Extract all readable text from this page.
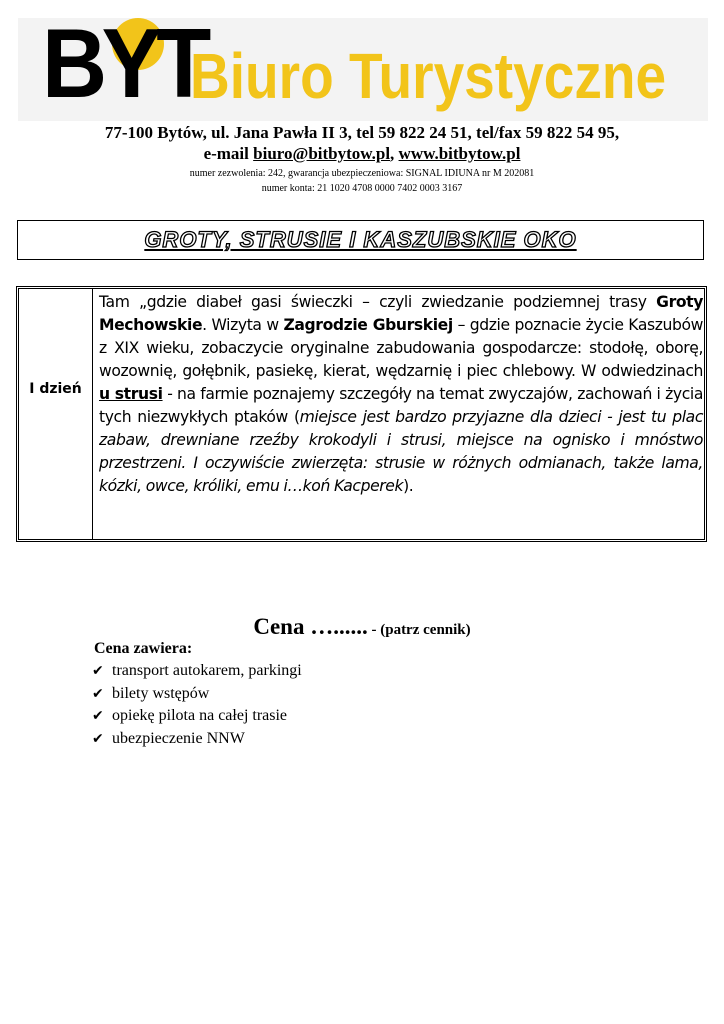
BYT
Biuro Turystyczne
77-100 Bytów, ul. Jana Pawła II 3, tel 59 822 24 51, tel/fax 59 822 54 95,
e-mail biuro@bitbytow.pl, www.bitbytow.pl
numer zezwolenia: 242, gwarancja ubezpieczeniowa: SIGNAL IDIUNA nr M 202081
numer konta: 21 1020 4708 0000 7402 0003 3167
GROTY, STRUSIE I KASZUBSKIE OKO
I dzień
Tam „gdzie diabeł gasi świeczki – czyli zwiedzanie podziemnej trasy Groty Mechowskie. Wizyta w Zagrodzie Gburskiej – gdzie poznacie życie Kaszubów z XIX wieku, zobaczycie oryginalne zabudowania gospodarcze: stodołę, oborę, wozownię, gołębnik, pasiekę, kierat, wędzarnię i piec chlebowy. W odwiedzinach u strusi - na farmie poznajemy szczegóły na temat zwyczajów, zachowań i życia tych niezwykłych ptaków (miejsce jest bardzo przyjazne dla dzieci - jest tu plac zabaw, drewniane rzeźby krokodyli i strusi, miejsce na ognisko i mnóstwo przestrzeni. I oczywiście zwierzęta: strusie w różnych odmianach, także lama, kózki, owce, króliki, emu i…koń Kacperek).
Cena …...... - (patrz cennik)
Cena zawiera:
✔ transport autokarem, parkingi
✔ bilety wstępów
✔ opiekę pilota na całej trasie
✔ ubezpieczenie NNW
